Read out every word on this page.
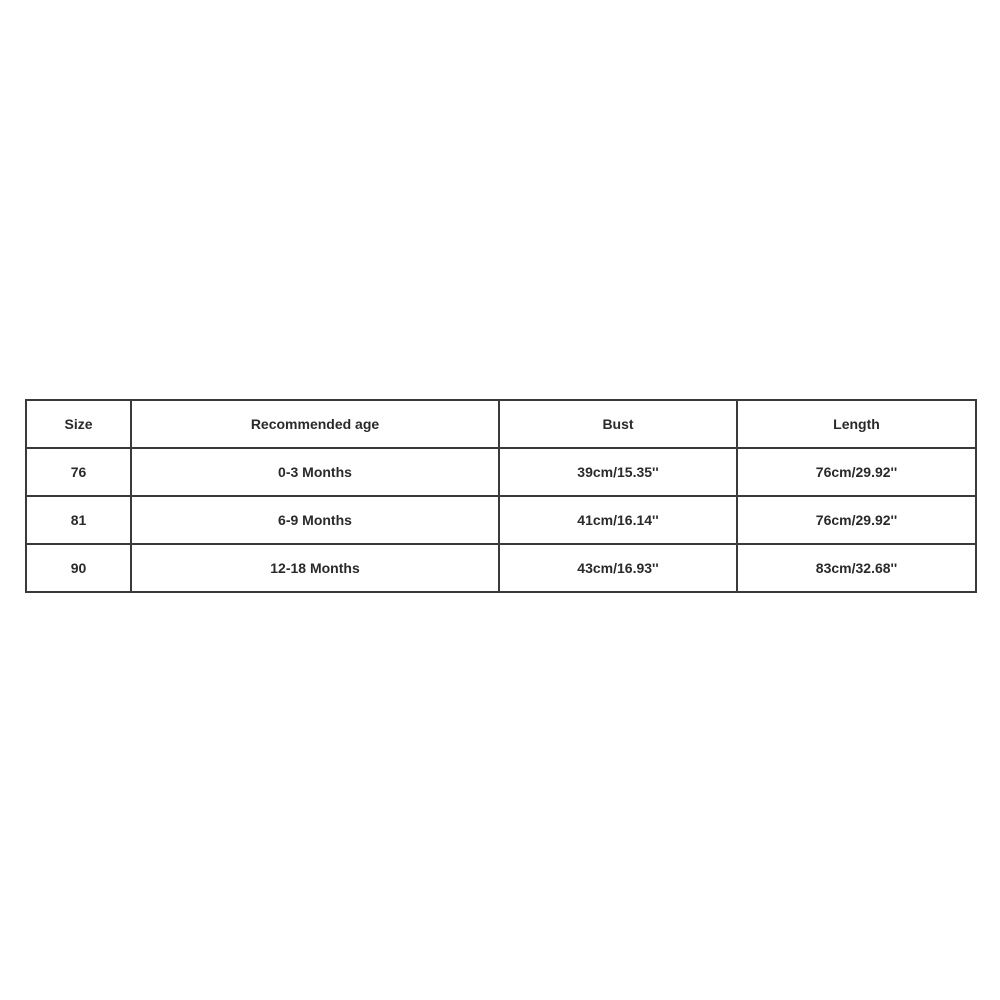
Size	Recommended age	Bust	Length
76	0-3 Months	39cm/15.35''	76cm/29.92''
81	6-9 Months	41cm/16.14''	76cm/29.92''
90	12-18 Months	43cm/16.93''	83cm/32.68''
